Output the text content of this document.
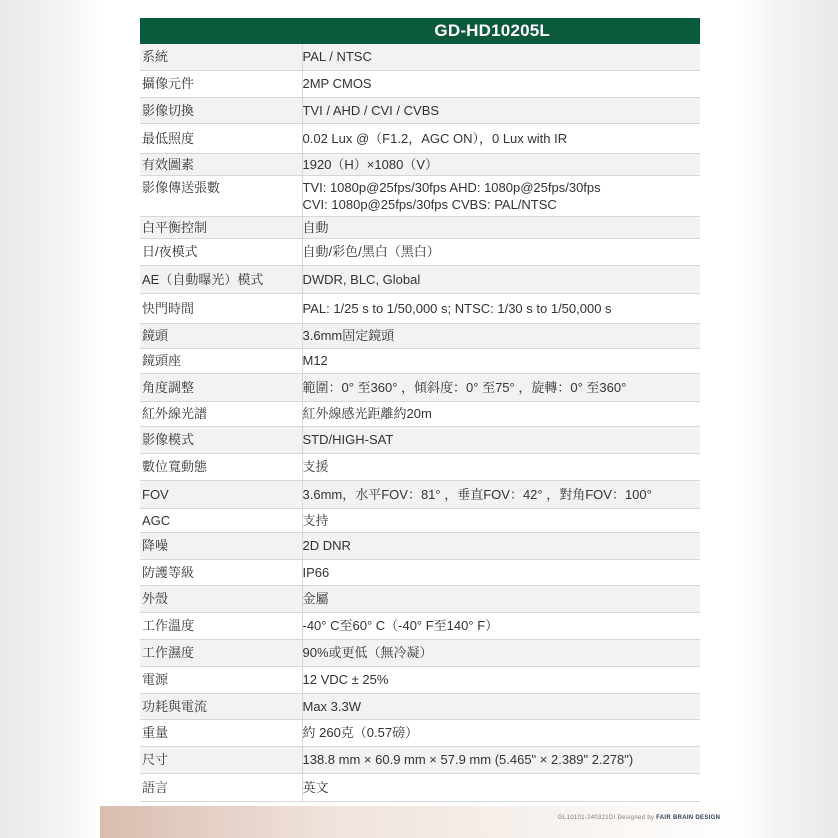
GD-HD10205L
系統	PAL / NTSC
攝像元件	2MP CMOS
影像切換	TVI / AHD / CVI / CVBS
最低照度	0.02 Lux @（F1.2，AGC ON），0 Lux with IR
有效圖素	1920（H）×1080（V）
影像傳送張數	TVI: 1080p@25fps/30fps AHD: 1080p@25fps/30fps
CVI: 1080p@25fps/30fps CVBS: PAL/NTSC

白平衡控制	自動
日/夜模式	自動/彩色/黑白（黑白）
AE（自動曝光）模式	DWDR, BLC, Global
快門時間	PAL: 1/25 s to 1/50,000 s; NTSC: 1/30 s to 1/50,000 s
鏡頭	3.6mm固定鏡頭
鏡頭座	M12
角度調整	範圍：0° 至360° ，傾斜度：0° 至75° ，旋轉：0° 至360°
紅外線光譜	紅外線感光距離約20m
影像模式	STD/HIGH-SAT
數位寬動態	支援
FOV	3.6mm，水平FOV：81° ，垂直FOV：42° ，對角FOV：100°
AGC	支持
降噪	2D DNR
防護等級	IP66
外殼	金屬
工作溫度	-40° C至60° C（-40° F至140° F）
工作濕度	90%或更低（無冷凝）
電源	12 VDC ± 25%
功耗與電流	Max 3.3W
重量	約 260克（0.57磅）
尺寸	138.8 mm × 60.9 mm × 57.9 mm (5.465" × 2.389" 2.278")
語言	英文
GL10101-240321DI Designed by FAIR BRAIN DESIGN
